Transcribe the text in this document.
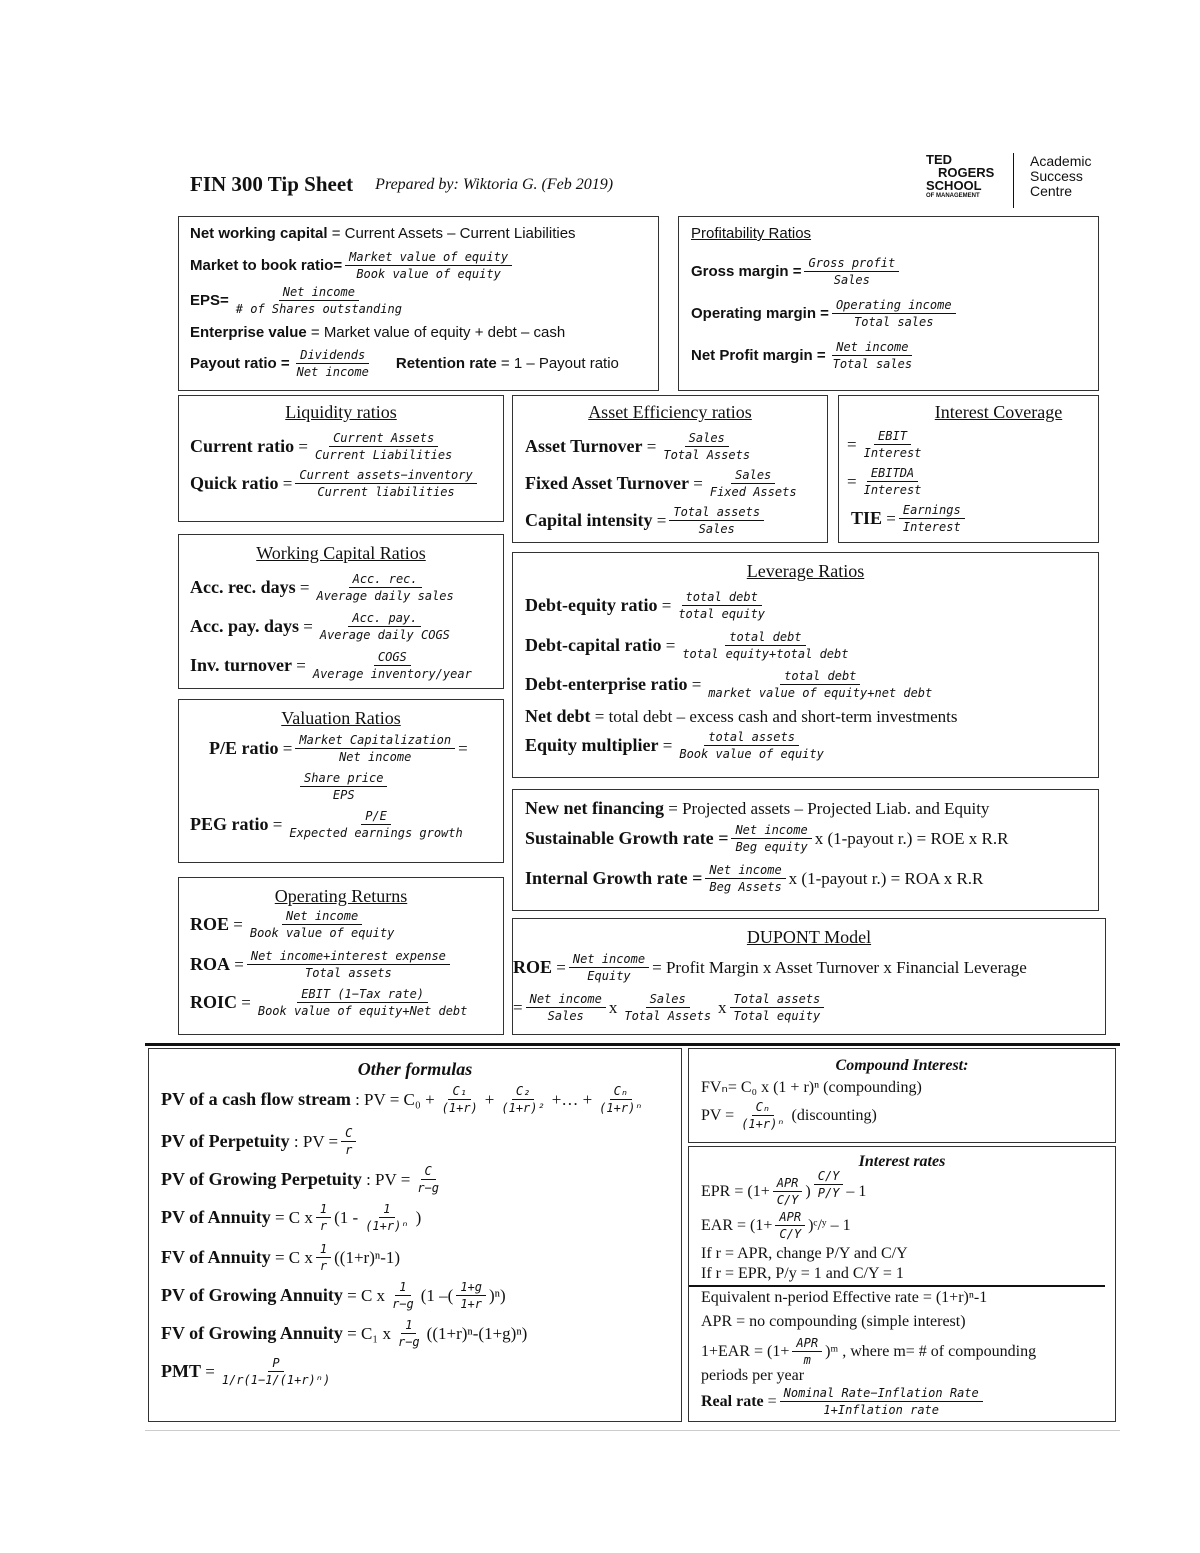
FIN 300 Tip Sheet Prepared by: Wiktoria G. (Feb 2019)
TED
ROGERS
SCHOOL
OF MANAGEMENT
Academic
Success
Centre
Net working capital = Current Assets – Current Liabilities
Market to book ratio= $\frac{\text{Market value of equity}}{\text{Book value of equity}}$
$EPS= \frac{\text{Net income}}{\text{\# of Shares outstanding}}$
Enterprise value = Market value of equity + debt – cash
Payout ratio = $\frac{\text{Dividends}}{\text{Net income}}$ Retention rate = 1 – Payout ratio
Profitability Ratios
Gross margin = $\frac{\text{Gross profit}}{\text{Sales}}$
Operating margin = $\frac{\text{Operating income}}{\text{Total sales}}$
Net Profit margin = $\frac{\text{Net income}}{\text{Total sales}}$
Liquidity ratios
Current ratio = $\frac{\text{Current Assets}}{\text{Current Liabilities}}$
Quick ratio = $\frac{\text{Current assets−inventory}}{\text{Current liabilities}}$
Asset Efficiency ratios
Asset Turnover = $\frac{\text{Sales}}{\text{Total Assets}}$
Fixed Asset Turnover = $\frac{\text{Sales}}{\text{Fixed Assets}}$
Capital intensity = $\frac{\text{Total assets}}{\text{Sales}}$
Interest Coverage
= $\frac{\text{EBIT}}{\text{Interest}}$
= $\frac{\text{EBITDA}}{\text{Interest}}$
TIE = $\frac{\text{Earnings}}{\text{Interest}}$
Working Capital Ratios
Acc. rec. days = $\frac{\text{Acc. rec.}}{\text{Average daily sales}}$
Acc. pay. days = $\frac{\text{Acc. pay.}}{\text{Average daily COGS}}$
Inv. turnover = $\frac{\text{COGS}}{\text{Average inventory/year}}$
Leverage Ratios
Debt-equity ratio = $\frac{\text{total debt}}{\text{total equity}}$
Debt-capital ratio = $\frac{\text{total debt}}{\text{total equity+total debt}}$
Debt-enterprise ratio = $\frac{\text{total debt}}{\text{market value of equity+net debt}}$
Net debt = total debt – excess cash and short-term investments
Equity multiplier = $\frac{\text{total assets}}{\text{Book value of equity}}$
Valuation Ratios
P/E ratio = $\frac{\text{Market Capitalization}}{\text{Net income}}$ =
$\frac{\text{Share price}}{\text{EPS}}$
PEG ratio = $\frac{P/E}{\text{Expected earnings growth}}$	New net financing = Projected assets – Projected Liab. and Equity
Sustainable Growth rate = $\frac{\text{Net income}}{\text{Beg equity}}$ x (1-payout r.) = ROE x R.R
Internal Growth rate = $\frac{\text{Net income}}{\text{Beg Assets}}$ x (1-payout r.) = ROA x R.R
Operating Returns
ROE = $\frac{\text{Net income}}{\text{Book value of equity}}$
ROA = $\frac{\text{Net income+interest expense}}{\text{Total assets}}$
ROIC = $\frac{\text{EBIT (1−Tax rate)}}{\text{Book value of equity+Net debt}}$
DUPONT Model
ROE = $\frac{\text{Net income}}{\text{Equity}}$ = Profit Margin x Asset Turnover x Financial Leverage
= $\frac{\text{Net income}}{\text{Sales}}$ x $\frac{\text{Sales}}{\text{Total Assets}}$ x $\frac{\text{Total assets}}{\text{Total equity}}$
Other formulas
PV of a cash flow stream : PV = $C_0 + \frac{\text{C₁}}{(1+r)} + \frac{\text{C₂}}{\text{(1+r)²}}$ +… + $\frac{\text{Cₙ}}{\text{(1+r)ⁿ}}$
PV of Perpetuity : PV = $\frac{C}{r}$
PV of Growing Perpetuity : PV = $\frac{C}{r-g}$
PV of Annuity = C x $\frac{1}{r} (1 - \frac{1}{\text{(1+r)ⁿ}}$ )
FV of Annuity = C x $\frac{1}{r} ((1+r)^n-1)$
PV of Growing Annuity = C x $\frac{1}{r-g} (1$ –( $\frac{1+g}{1+r} )^n$)
FV of Growing Annuity = C₁ x $\frac{1}{r-g} ((1+r)^n-(1+g)^n)$
PMT = $\frac{P}{\text{1/r(1−1/(1+r)ⁿ)}}$
Compound Interest:
FVₙ= C₀ x (1 + r)ⁿ (compounding)
PV = $\frac{\text{Cₙ}}{\text{(1+r)ⁿ}}$ (discounting)
Interest rates
EPR = ($1+ \frac{\text{APR}}{C/Y}$ ) $\frac{C/Y}{P/Y} - 1$
EAR = ($1+ \frac{\text{APR}}{C/Y}$ )ᶜ/ʸ – 1
If r = APR, change P/Y and C/Y
If r = EPR, P/y = 1 and C/Y = 1
Equivalent n-period Effective rate = (1+r)ⁿ-1
APR = no compounding (simple interest)
$1+EAR = (1+ \frac{\text{APR}}{m}$ )ᵐ , where m= # of compounding
periods per year
Real rate = $\frac{\text{Nominal Rate−Inflation Rate}}{\text{1+Inflation rate}}$
